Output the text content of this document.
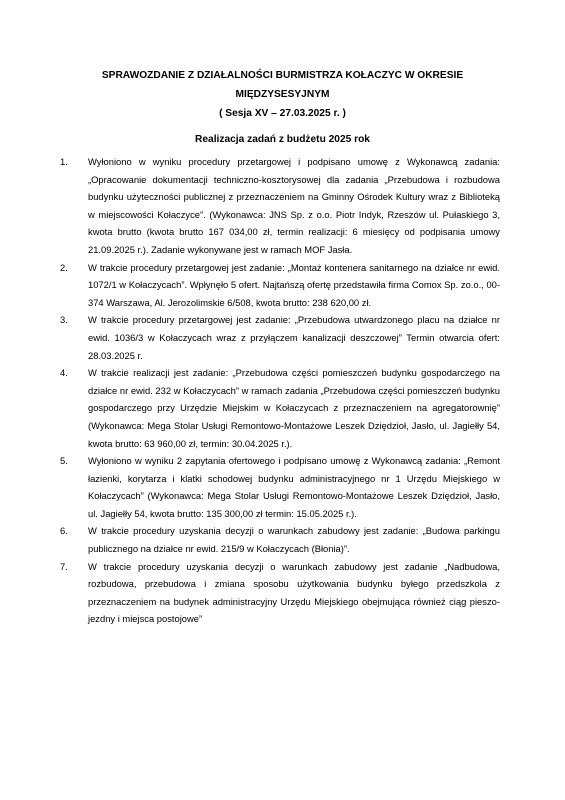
SPRAWOZDANIE Z DZIAŁALNOŚCI BURMISTRZA KOŁACZYC W OKRESIE
MIĘDZYSESYJNYM
( Sesja XV – 27.03.2025 r. )
Realizacja zadań z budżetu 2025 rok
1.	Wyłoniono w wyniku procedury przetargowej i podpisano umowę z Wykonawcą zadania: „Opracowanie dokumentacji techniczno-kosztorysowej dla zadania „Przebudowa i rozbudowa budynku użyteczności publicznej z przeznaczeniem na Gminny Ośrodek Kultury wraz z Biblioteką w miejscowości Kołaczyce”. (Wykonawca: JNS Sp. z o.o. Piotr Indyk, Rzeszów ul. Pułaskiego 3, kwota brutto (kwota brutto 167 034,00 zł, termin realizacji: 6 miesięcy od podpisania umowy 21.09.2025 r.). Zadanie wykonywane jest w ramach MOF Jasła.
2.	W trakcie procedury przetargowej jest zadanie: „Montaż kontenera sanitarnego na działce nr ewid. 1072/1 w Kołaczycach”. Wpłynęło 5 ofert. Najtańszą ofertę przedstawiła firma Comox Sp. zo.o., 00-374 Warszawa, Al. Jerozolimskie 6/508, kwota brutto: 238 620,00 zł.
3.	W trakcie procedury przetargowej jest zadanie: „Przebudowa utwardzonego placu na działce nr ewid. 1036/3 w Kołaczycach wraz z przyłączem kanalizacji deszczowej” Termin otwarcia ofert: 28.03.2025 r.
4.	W trakcie realizacji jest zadanie: „Przebudowa części pomieszczeń budynku gospodarczego na działce nr ewid. 232 w Kołaczycach” w ramach zadania „Przebudowa części pomieszczeń budynku gospodarczego przy Urzędzie Miejskim w Kołaczycach z przeznaczeniem na agregatorownię” (Wykonawca: Mega Stolar Usługi Remontowo-Montażowe Leszek Dziędzioł, Jasło, ul. Jagiełły 54, kwota brutto: 63 960,00 zł, termin: 30.04.2025 r.).
5.	Wyłoniono w wyniku 2 zapytania ofertowego i podpisano umowę z Wykonawcą zadania: „Remont łazienki, korytarza i klatki schodowej budynku administracyjnego nr 1 Urzędu Miejskiego w Kołaczycach” (Wykonawca: Mega Stolar Usługi Remontowo-Montażowe Leszek Dziędzioł, Jasło, ul. Jagiełły 54, kwota brutto: 135 300,00 zł termin: 15.05.2025 r.).
6.	W trakcie procedury uzyskania decyzji o warunkach zabudowy jest zadanie: „Budowa parkingu publicznego na działce nr ewid. 215/9 w Kołaczycach (Błonia)”.
7.	W trakcie procedury uzyskania decyzji o warunkach zabudowy jest zadanie „Nadbudowa, rozbudowa, przebudowa i zmiana sposobu użytkowania budynku byłego przedszkola z przeznaczeniem na budynek administracyjny Urzędu Miejskiego obejmująca również ciąg pieszo-jezdny i miejsca postojowe”
